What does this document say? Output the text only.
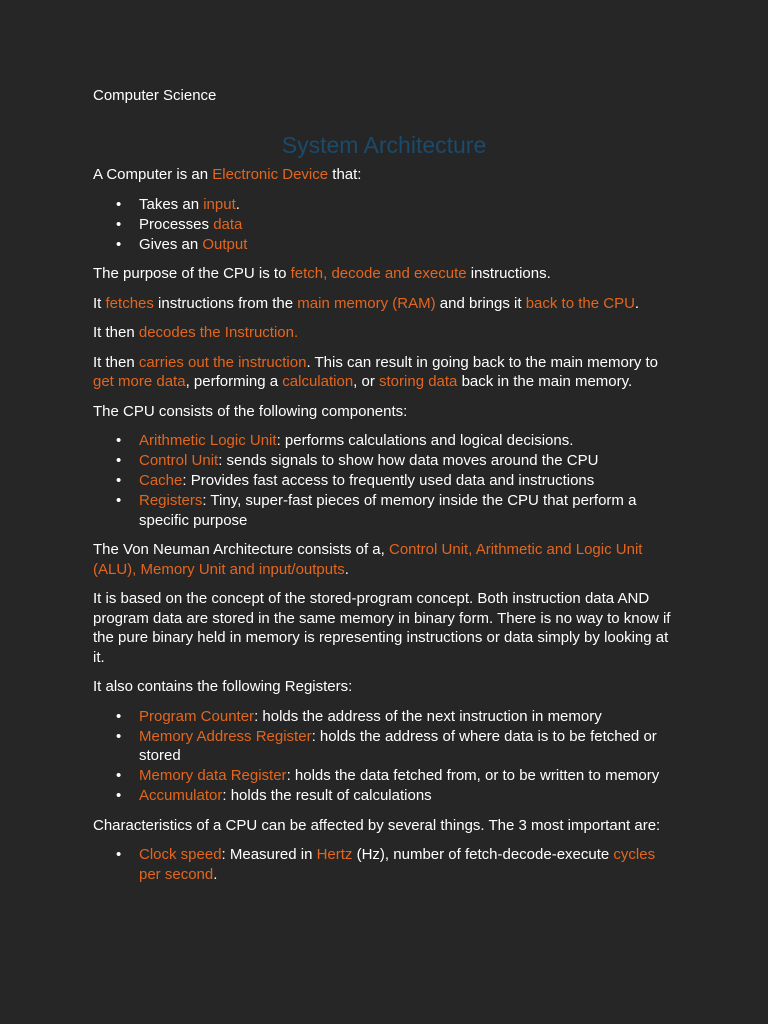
Computer Science

System Architecture

A Computer is an Electronic Device that:

• Takes an input.
• Processes data
• Gives an Output

The purpose of the CPU is to fetch, decode and execute instructions.

It fetches instructions from the main memory (RAM) and brings it back to the CPU.

It then decodes the Instruction.

It then carries out the instruction. This can result in going back to the main memory to get more data, performing a calculation, or storing data back in the main memory.

The CPU consists of the following components:

• Arithmetic Logic Unit: performs calculations and logical decisions.
• Control Unit: sends signals to show how data moves around the CPU
• Cache: Provides fast access to frequently used data and instructions
• Registers: Tiny, super-fast pieces of memory inside the CPU that perform a specific purpose

The Von Neuman Architecture consists of a, Control Unit, Arithmetic and Logic Unit (ALU), Memory Unit and input/outputs.

It is based on the concept of the stored-program concept. Both instruction data AND program data are stored in the same memory in binary form. There is no way to know if the pure binary held in memory is representing instructions or data simply by looking at it.

It also contains the following Registers:

• Program Counter: holds the address of the next instruction in memory
• Memory Address Register: holds the address of where data is to be fetched or stored
• Memory data Register: holds the data fetched from, or to be written to memory
• Accumulator: holds the result of calculations

Characteristics of a CPU can be affected by several things. The 3 most important are:

• Clock speed: Measured in Hertz (Hz), number of fetch-decode-execute cycles per second.
